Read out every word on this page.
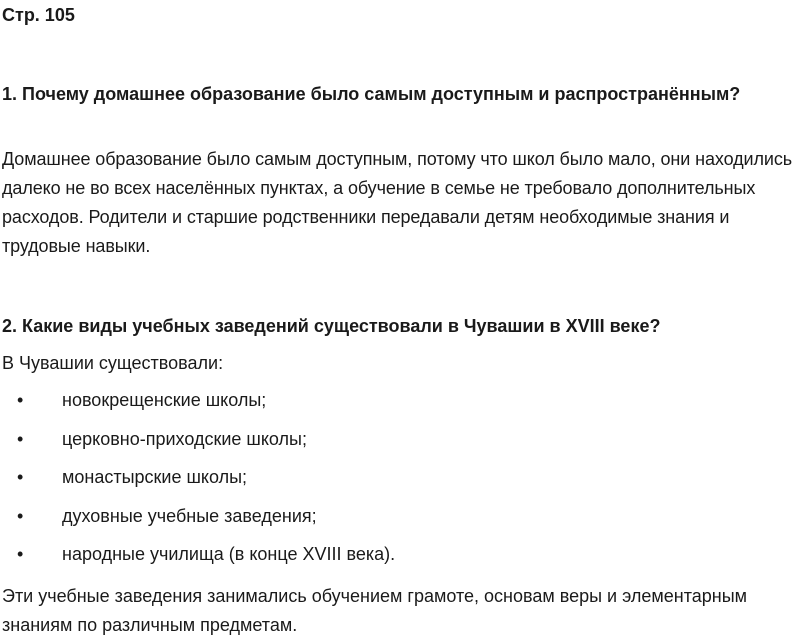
Стр. 105
1. Почему домашнее образование было самым доступным и распространённым?
Домашнее образование было самым доступным, потому что школ было мало, они находились далеко не во всех населённых пунктах, а обучение в семье не требовало дополнительных расходов. Родители и старшие родственники передавали детям необходимые знания и трудовые навыки.
2. Какие виды учебных заведений существовали в Чувашии в XVIII веке?
В Чувашии существовали:
• новокрещенские школы;
• церковно-приходские школы;
• монастырские школы;
• духовные учебные заведения;
• народные училища (в конце XVIII века).
Эти учебные заведения занимались обучением грамоте, основам веры и элементарным знаниям по различным предметам.
